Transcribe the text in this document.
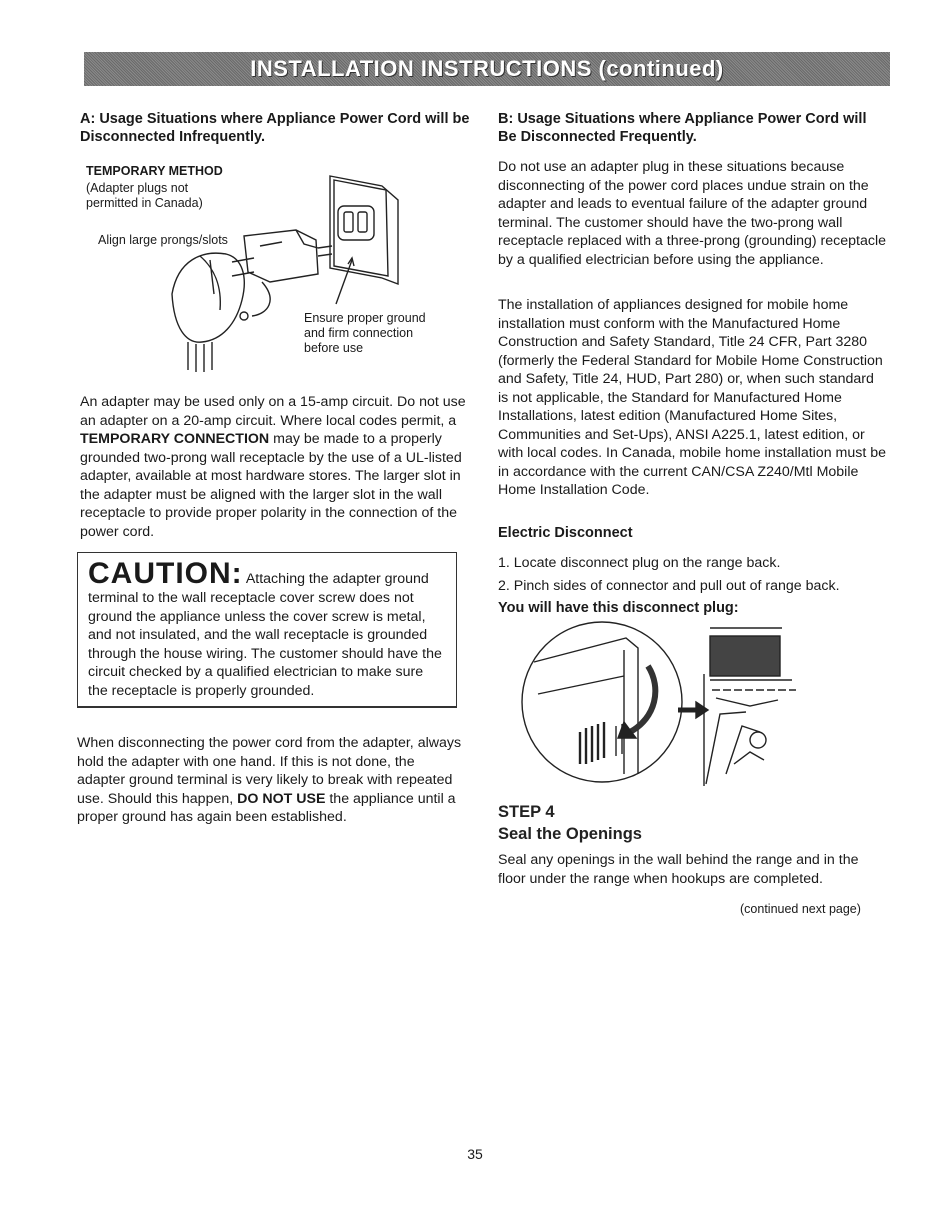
INSTALLATION INSTRUCTIONS (continued)
A: Usage Situations where Appliance Power Cord will be Disconnected Infrequently.
TEMPORARY METHOD
(Adapter plugs not permitted in Canada)
Align large prongs/slots
Ensure proper ground and firm connection before use

An adapter may be used only on a 15-amp circuit. Do not use an adapter on a 20-amp circuit. Where local codes permit, a TEMPORARY CONNECTION may be made to a properly grounded two-prong wall receptacle by the use of a UL-listed adapter, available at most hardware stores. The larger slot in the adapter must be aligned with the larger slot in the wall receptacle to provide proper polarity in the connection of the power cord.

CAUTION: Attaching the adapter ground terminal to the wall receptacle cover screw does not ground the appliance unless the cover screw is metal, and not insulated, and the wall receptacle is grounded through the house wiring. The customer should have the circuit checked by a qualified electrician to make sure the receptacle is properly grounded.

When disconnecting the power cord from the adapter, always hold the adapter with one hand. If this is not done, the adapter ground terminal is very likely to break with repeated use. Should this happen, DO NOT USE the appliance until a proper ground has again been established.

B: Usage Situations where Appliance Power Cord will Be Disconnected Frequently.
Do not use an adapter plug in these situations because disconnecting of the power cord places undue strain on the adapter and leads to eventual failure of the adapter ground terminal. The customer should have the two-prong wall receptacle replaced with a three-prong (grounding) receptacle by a qualified electrician before using the appliance.
The installation of appliances designed for mobile home installation must conform with the Manufactured Home Construction and Safety Standard, Title 24 CFR, Part 3280 (formerly the Federal Standard for Mobile Home Construction and Safety, Title 24, HUD, Part 280) or, when such standard is not applicable, the Standard for Manufactured Home Installations, latest edition (Manufactured Home Sites, Communities and Set-Ups), ANSI A225.1, latest edition, or with local codes. In Canada, mobile home installation must be in accordance with the current CAN/CSA Z240/Mtl Mobile Home Installation Code.
Electric Disconnect
1. Locate disconnect plug on the range back.
2. Pinch sides of connector and pull out of range back.
You will have this disconnect plug:
STEP 4
Seal the Openings
Seal any openings in the wall behind the range and in the floor under the range when hookups are completed.
(continued next page)
35
